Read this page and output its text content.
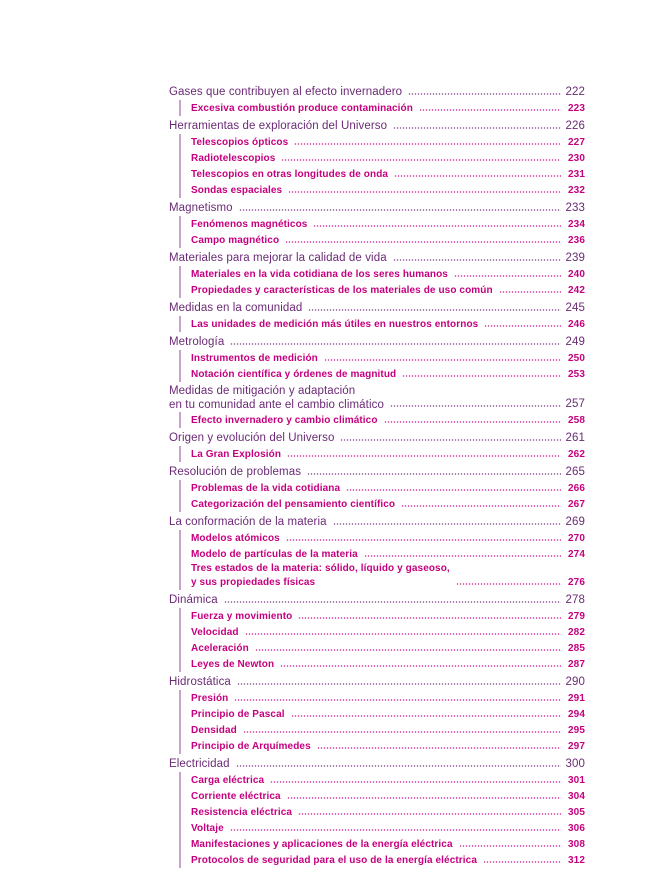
Gases que contribuyen al efecto invernadero	222
Excesiva combustión produce contaminación	223
Herramientas de exploración del Universo	226
Telescopios ópticos	227
Radiotelescopios	230
Telescopios en otras longitudes de onda	231
Sondas espaciales	232
Magnetismo	233
Fenómenos magnéticos	234
Campo magnético	236
Materiales para mejorar la calidad de vida	239
Materiales en la vida cotidiana de los seres humanos	240
Propiedades y características de los materiales de uso común	242
Medidas en la comunidad	245
Las unidades de medición más útiles en nuestros entornos	246
Metrología	249
Instrumentos de medición	250
Notación científica y órdenes de magnitud	253
Medidas de mitigación y adaptación
en tu comunidad ante el cambio climático	257
Efecto invernadero y cambio climático	258
Origen y evolución del Universo	261
La Gran Explosión	262
Resolución de problemas	265
Problemas de la vida cotidiana	266
Categorización del pensamiento científico	267
La conformación de la materia	269
Modelos atómicos	270
Modelo de partículas de la materia	274
Tres estados de la materia: sólido, líquido y gaseoso,
y sus propiedades físicas	276
Dinámica	278
Fuerza y movimiento	279
Velocidad	282
Aceleración	285
Leyes de Newton	287
Hidrostática	290
Presión	291
Principio de Pascal	294
Densidad	295
Principio de Arquímedes	297
Electricidad	300
Carga eléctrica	301
Corriente eléctrica	304
Resistencia eléctrica	305
Voltaje	306
Manifestaciones y aplicaciones de la energía eléctrica	308
Protocolos de seguridad para el uso de la energía eléctrica	312
